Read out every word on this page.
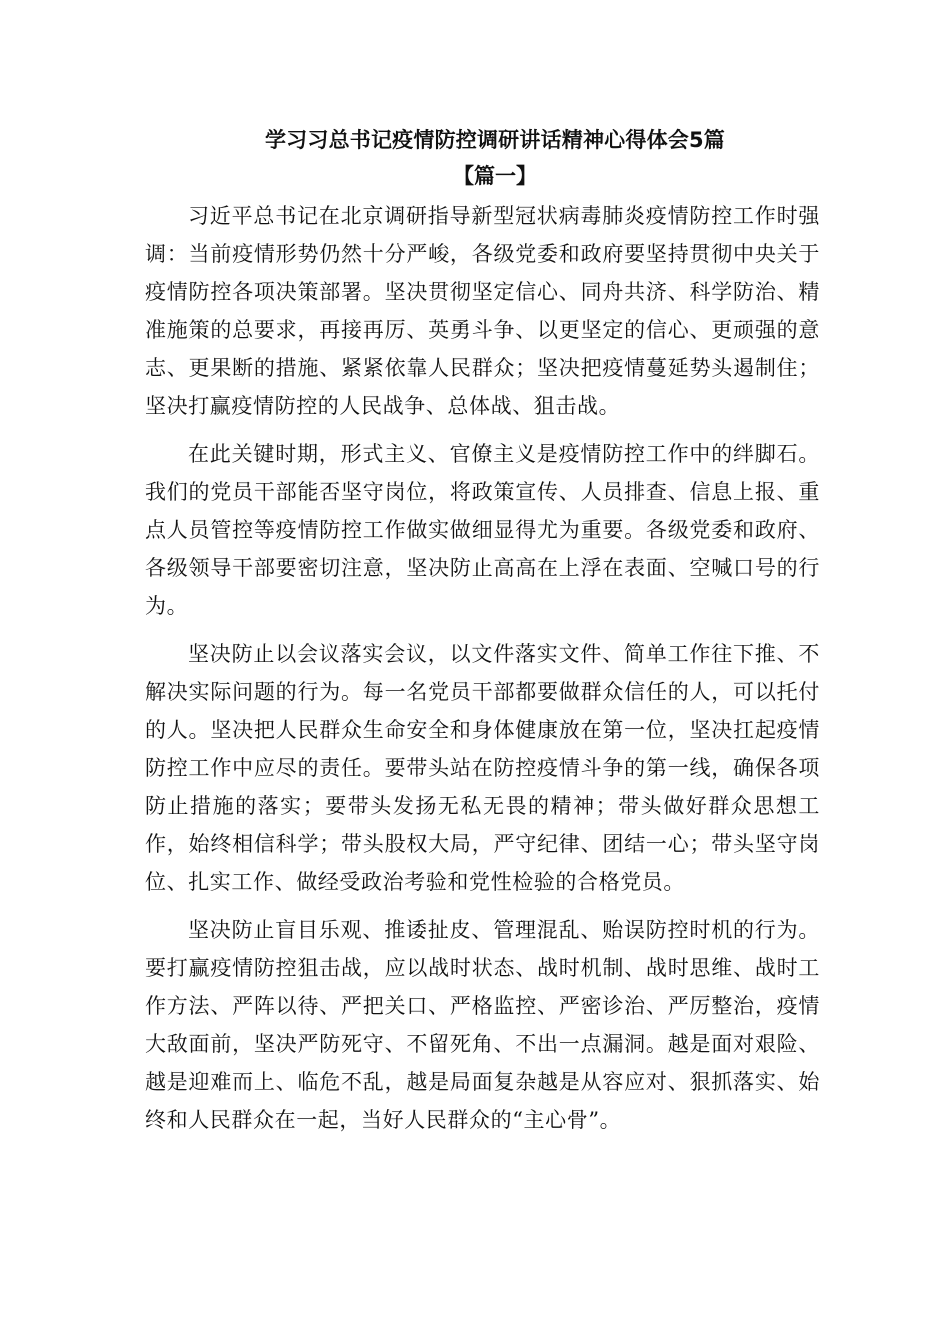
学习习总书记疫情防控调研讲话精神心得体会5篇
【篇一】

习近平总书记在北京调研指导新型冠状病毒肺炎疫情防控工作时强调：当前疫情形势仍然十分严峻，各级党委和政府要坚持贯彻中央关于疫情防控各项决策部署。坚决贯彻坚定信心、同舟共济、科学防治、精准施策的总要求，再接再厉、英勇斗争、以更坚定的信心、更顽强的意志、更果断的措施、紧紧依靠人民群众；坚决把疫情蔓延势头遏制住；坚决打赢疫情防控的人民战争、总体战、狙击战。

在此关键时期，形式主义、官僚主义是疫情防控工作中的绊脚石。我们的党员干部能否坚守岗位，将政策宣传、人员排查、信息上报、重点人员管控等疫情防控工作做实做细显得尤为重要。各级党委和政府、各级领导干部要密切注意，坚决防止高高在上浮在表面、空喊口号的行为。

坚决防止以会议落实会议，以文件落实文件、简单工作往下推、不解决实际问题的行为。每一名党员干部都要做群众信任的人，可以托付的人。坚决把人民群众生命安全和身体健康放在第一位，坚决扛起疫情防控工作中应尽的责任。要带头站在防控疫情斗争的第一线，确保各项防止措施的落实；要带头发扬无私无畏的精神；带头做好群众思想工作，始终相信科学；带头股权大局，严守纪律、团结一心；带头坚守岗位、扎实工作、做经受政治考验和党性检验的合格党员。

坚决防止盲目乐观、推诿扯皮、管理混乱、贻误防控时机的行为。要打赢疫情防控狙击战，应以战时状态、战时机制、战时思维、战时工作方法、严阵以待、严把关口、严格监控、严密诊治、严厉整治，疫情大敌面前，坚决严防死守、不留死角、不出一点漏洞。越是面对艰险、越是迎难而上、临危不乱，越是局面复杂越是从容应对、狠抓落实、始终和人民群众在一起，当好人民群众的“主心骨”。
